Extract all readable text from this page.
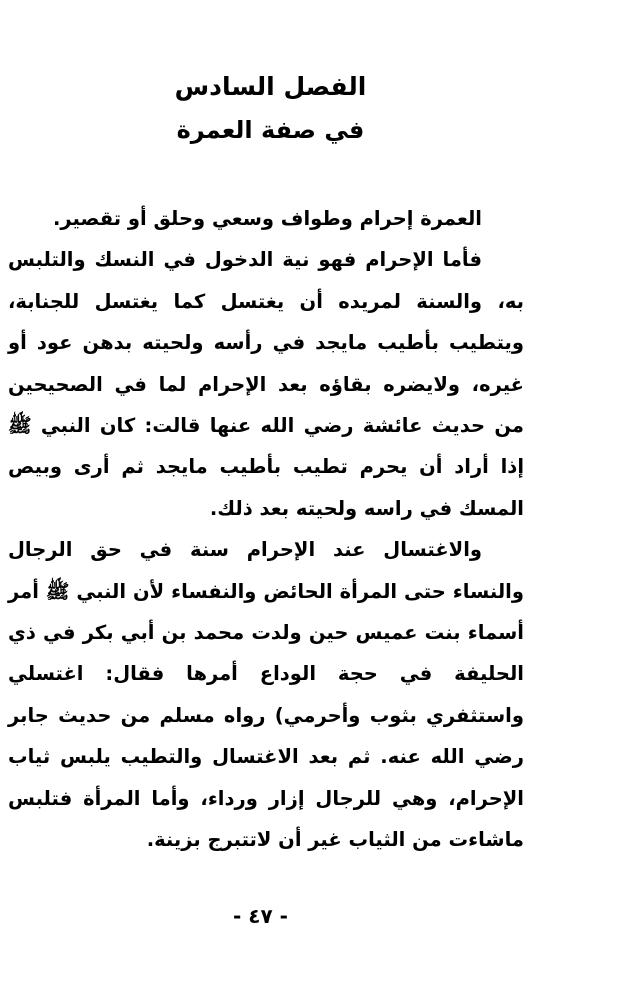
الفصل السادس
في صفة العمرة

العمرة إحرام وطواف وسعي وحلق أو تقصير.

فأما الإحرام فهو نية الدخول في النسك والتلبس به، والسنة لمريده أن يغتسل كما يغتسل للجنابة، ويتطيب بأطيب مايجد في رأسه ولحيته بدهن عود أو غيره، ولايضره بقاؤه بعد الإحرام لما في الصحيحين من حديث عائشة رضي الله عنها قالت: كان النبي ﷺ إذا أراد أن يحرم تطيب بأطيب مايجد ثم أرى وبيص المسك في راسه ولحيته بعد ذلك.

والاغتسال عند الإحرام سنة في حق الرجال والنساء حتى المرأة الحائض والنفساء لأن النبي ﷺ أمر أسماء بنت عميس حين ولدت محمد بن أبي بكر في ذي الحليفة في حجة الوداع أمرها فقال: اغتسلي واستثفري بثوب وأحرمي) رواه مسلم من حديث جابر رضي الله عنه. ثم بعد الاغتسال والتطيب يلبس ثياب الإحرام، وهي للرجال إزار ورداء، وأما المرأة فتلبس ماشاءت من الثياب غير أن لاتتبرج بزينة.

- ٤٧ -
